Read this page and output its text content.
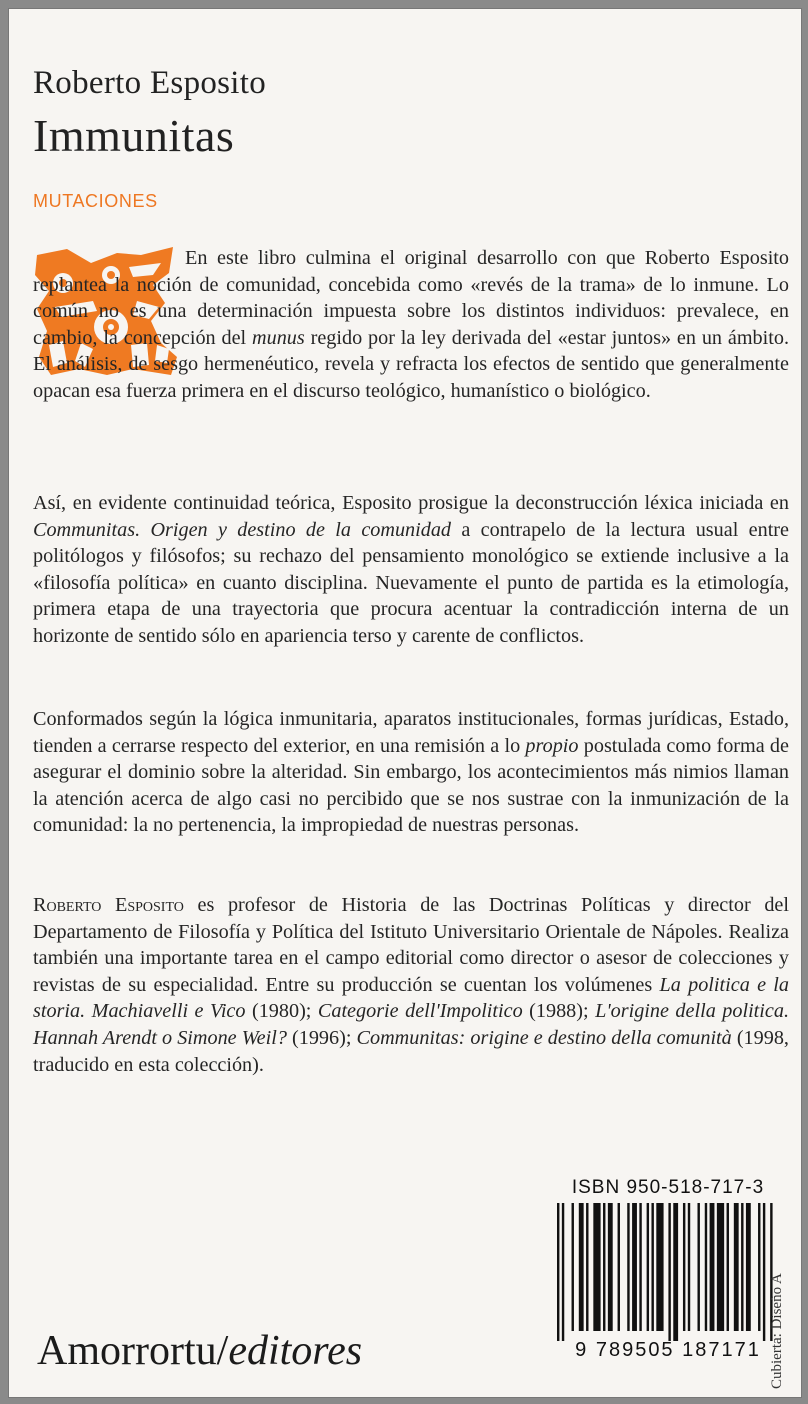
Roberto Esposito
Immunitas
MUTACIONES

En este libro culmina el original desarrollo con que Roberto Esposito replantea la noción de comunidad, concebida como «revés de la trama» de lo inmune. Lo común no es una determinación impuesta sobre los distintos individuos: prevalece, en cambio, la concepción del munus regido por la ley derivada del «estar juntos» en un ámbito. El análisis, de sesgo hermenéutico, revela y refracta los efectos de sentido que generalmente opacan esa fuerza primera en el discurso teológico, humanístico o biológico.

Así, en evidente continuidad teórica, Esposito prosigue la deconstrucción léxica iniciada en Communitas. Origen y destino de la comunidad a contrapelo de la lectura usual entre politólogos y filósofos; su rechazo del pensamiento monológico se extiende inclusive a la «filosofía política» en cuanto disciplina. Nuevamente el punto de partida es la etimología, primera etapa de una trayectoria que procura acentuar la contradicción interna de un horizonte de sentido sólo en apariencia terso y carente de conflictos.

Conformados según la lógica inmunitaria, aparatos institucionales, formas jurídicas, Estado, tienden a cerrarse respecto del exterior, en una remisión a lo propio postulada como forma de asegurar el dominio sobre la alteridad. Sin embargo, los acontecimientos más nimios llaman la atención acerca de algo casi no percibido que se nos sustrae con la inmunización de la comunidad: la no pertenencia, la impropiedad de nuestras personas.

Roberto Esposito es profesor de Historia de las Doctrinas Políticas y director del Departamento de Filosofía y Política del Istituto Universitario Orientale de Nápoles. Realiza también una importante tarea en el campo editorial como director o asesor de colecciones y revistas de su especialidad. Entre su producción se cuentan los volúmenes La politica e la storia. Machiavelli e Vico (1980); Categorie dell'Impolitico (1988); L'origine della politica. Hannah Arendt o Simone Weil? (1996); Communitas: origine e destino della comunità (1998, traducido en esta colección).

ISBN 950-518-717-3
9 789505 187171 Cubierta: Diseño A
Amorrortu/editores
